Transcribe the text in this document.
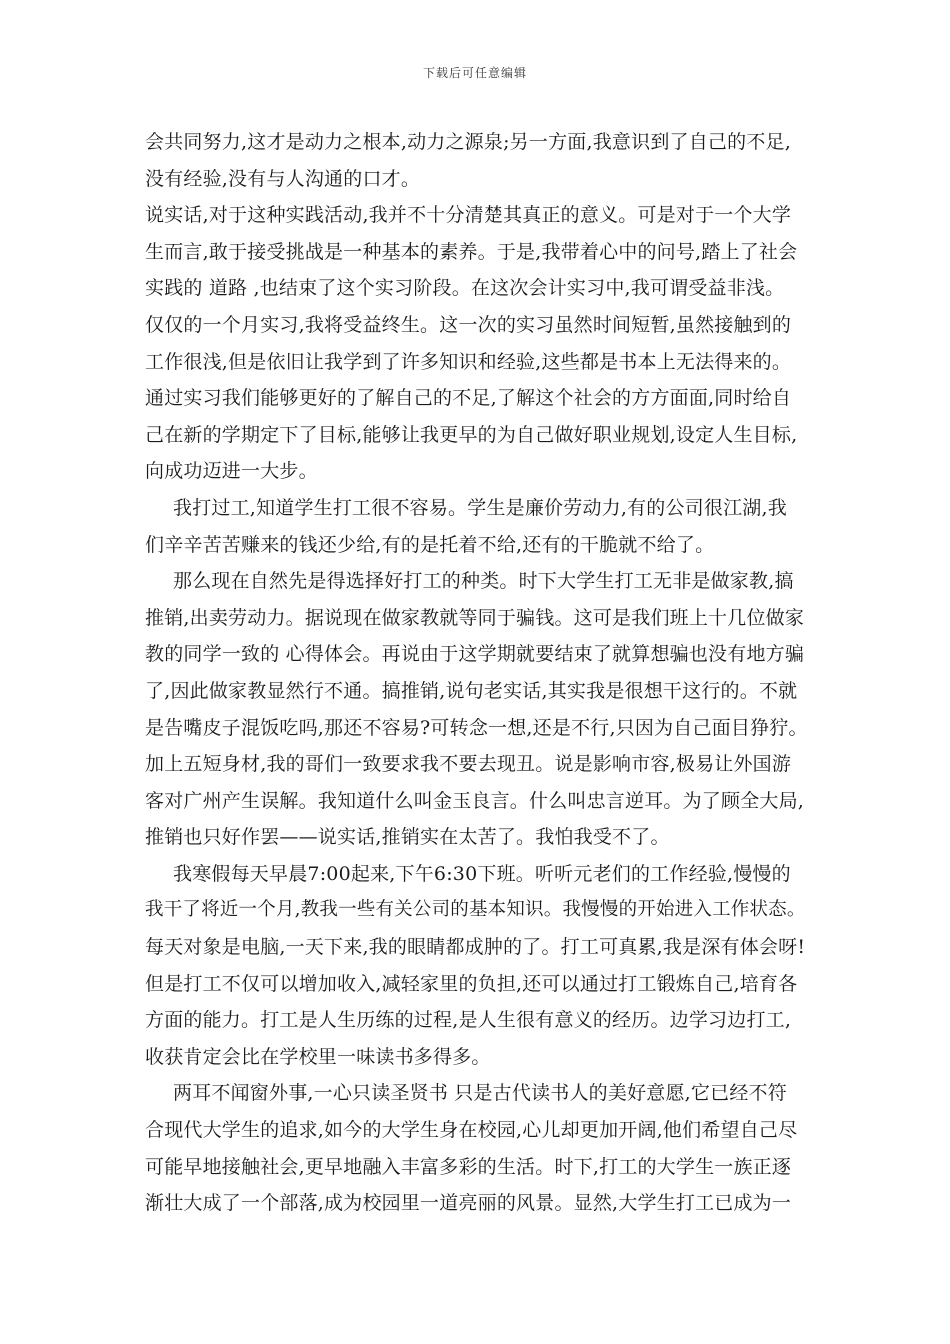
下载后可任意编辑
会共同努力,这才是动力之根本,动力之源泉;另一方面,我意识到了自己的不足,
没有经验,没有与人沟通的口才。
说实话,对于这种实践活动,我并不十分清楚其真正的意义。可是对于一个大学
生而言,敢于接受挑战是一种基本的素养。于是,我带着心中的问号,踏上了社会
实践的 道路 ,也结束了这个实习阶段。在这次会计实习中,我可谓受益非浅。
仅仅的一个月实习,我将受益终生。这一次的实习虽然时间短暂,虽然接触到的
工作很浅,但是依旧让我学到了许多知识和经验,这些都是书本上无法得来的。
通过实习我们能够更好的了解自己的不足,了解这个社会的方方面面,同时给自
己在新的学期定下了目标,能够让我更早的为自己做好职业规划,设定人生目标,
向成功迈进一大步。
我打过工,知道学生打工很不容易。学生是廉价劳动力,有的公司很江湖,我
们辛辛苦苦赚来的钱还少给,有的是托着不给,还有的干脆就不给了。
那么现在自然先是得选择好打工的种类。时下大学生打工无非是做家教,搞
推销,出卖劳动力。据说现在做家教就等同于骗钱。这可是我们班上十几位做家
教的同学一致的 心得体会。再说由于这学期就要结束了就算想骗也没有地方骗
了,因此做家教显然行不通。搞推销,说句老实话,其实我是很想干这行的。不就
是告嘴皮子混饭吃吗,那还不容易?可转念一想,还是不行,只因为自己面目狰狞。
加上五短身材,我的哥们一致要求我不要去现丑。说是影响市容,极易让外国游
客对广州产生误解。我知道什么叫金玉良言。什么叫忠言逆耳。为了顾全大局,
推销也只好作罢——说实话,推销实在太苦了。我怕我受不了。
我寒假每天早晨7:00起来,下午6:30下班。听听元老们的工作经验,慢慢的
我干了将近一个月,教我一些有关公司的基本知识。我慢慢的开始进入工作状态。
每天对象是电脑,一天下来,我的眼睛都成肿的了。打工可真累,我是深有体会呀!
但是打工不仅可以增加收入,减轻家里的负担,还可以通过打工锻炼自己,培育各
方面的能力。打工是人生历练的过程,是人生很有意义的经历。边学习边打工,
收获肯定会比在学校里一味读书多得多。
两耳不闻窗外事,一心只读圣贤书 只是古代读书人的美好意愿,它已经不符
合现代大学生的追求,如今的大学生身在校园,心儿却更加开阔,他们希望自己尽
可能早地接触社会,更早地融入丰富多彩的生活。时下,打工的大学生一族正逐
渐壮大成了一个部落,成为校园里一道亮丽的风景。显然,大学生打工已成为一
